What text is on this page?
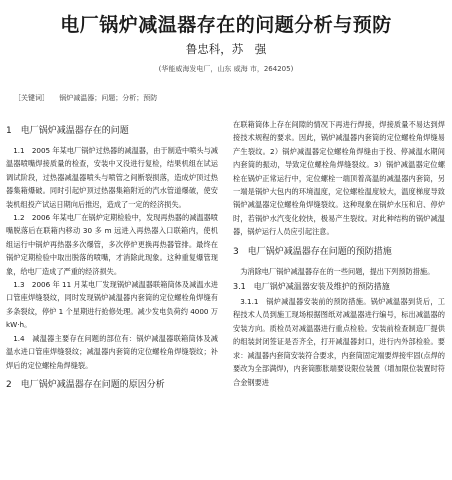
电厂锅炉减温器存在的问题分析与预防
鲁忠科，苏　强
(华能威海发电厂，山东 威海 市，264205)
［关键词］ 锅炉减温器；问题；分析；预防
1　电厂锅炉减温器存在的问题

1.1　2005 年某电厂锅炉过热器的减温器，由于制造中喷头与减温器喷嘴焊接质量的检查，安装中又没进行复检，结果机组在试运调试阶段，过热器减温器喷头与喷管之间断裂损落，造成炉顶过热器集箱爆破。同时引起炉顶过热器集箱附近的汽水管道爆破，使安装机组投产试运日期向后推迟，造成了一定的经济损失。

1.2　2006 年某电厂在锅炉定期检验中，发现再热器的减温器喷嘴脱落后在联箱内移动 30 多 m 远进入再热器入口联箱内，使机组运行中锅炉再热器多次爆管，多次停炉更换再热器管排。最终在锅炉定期检验中取出脱落的喷嘴，才消除此现象。这种重复爆管现象，给电厂造成了严重的经济损失。

1.3　2006 年 11 月某电厂发现锅炉减温器联箱筒体及减温水进口管座焊缝裂纹，同时发现锅炉减温器内套筒的定位螺栓角焊缝有多条裂纹，停炉 1 个星期进行抢修处理。减少发电负荷约 4000 万 kW·h。

1.4　减温器主要存在问题的部位有：锅炉减温器联箱筒体及减温水进口管座焊缝裂纹；减温器内套筒的定位螺栓角焊缝裂纹；补焊后的定位螺栓角焊缝裂。

2　电厂锅炉减温器存在问题的原因分析

在联箱筒体上存在间隙的情况下再进行焊接，焊接质量不易达到焊接技术规程的要求。因此，锅炉减温器内套筒的定位螺栓角焊缝易产生裂纹。2）锅炉减温器定位螺栓角焊缝由于投、停减温水期间内套筒的振动，导致定位螺栓角焊缝裂纹。3）锅炉减温器定位螺栓在锅炉正常运行中，定位螺栓一端顶着高温的减温器内套筒，另一端是锅炉大包内的环境温度，定位螺栓温度较大，温度梯度导致锅炉减温器定位螺栓角焊缝裂纹。这种现象在锅炉水压和启、停炉时，若锅炉水汽变化较快，极易产生裂纹。对此种结构的锅炉减温器，锅炉运行人员应引起注意。

3　电厂锅炉减温器存在问题的预防措施

为消除电厂锅炉减温器存在的一些问题，提出下列预防措施。

3.1　电厂锅炉减温器安装及维护的预防措施

3.1.1　锅炉减温器安装前的预防措施。锅炉减温器到货后，工程技术人员到施工现场根据图纸对减温器进行编号，标出减温器的安装方向。质检员对减温器进行重点检验。安装前检查制造厂提供的组装封闭签证是否齐全，打开减温器封口，进行内外部检验。要求：减温器内套筒安装符合要求，内套筒固定端要焊接牢固(点焊的要改为全部满焊)，内套筒膨胀端要设限位装置（增加限位装置时符合金钢要进
